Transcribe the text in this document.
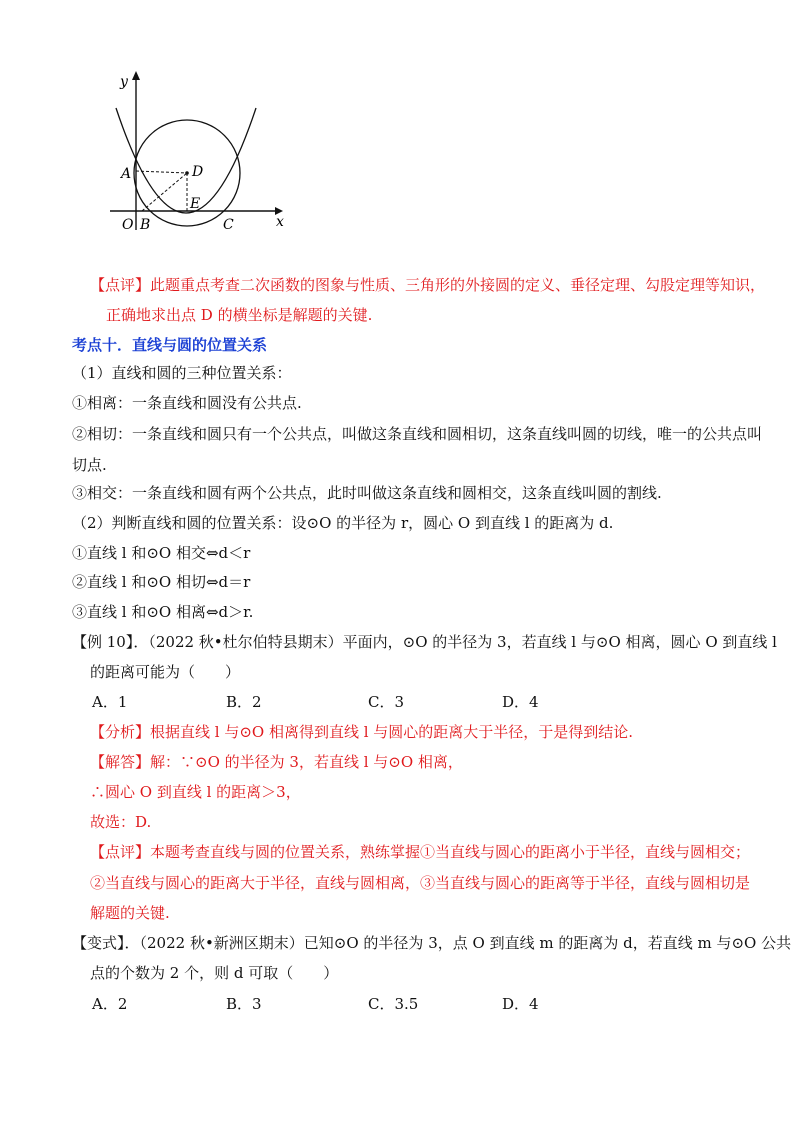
y
x
A	D
E
O B	C
【点评】此题重点考查二次函数的图象与性质、三角形的外接圆的定义、垂径定理、勾股定理等知识，
正确地求出点 D 的横坐标是解题的关键.
考点十．直线与圆的位置关系
（1）直线和圆的三种位置关系：
①相离：一条直线和圆没有公共点.
②相切：一条直线和圆只有一个公共点，叫做这条直线和圆相切，这条直线叫圆的切线，唯一的公共点叫
切点.
③相交：一条直线和圆有两个公共点，此时叫做这条直线和圆相交，这条直线叫圆的割线.
（2）判断直线和圆的位置关系：设⊙O 的半径为 r，圆心 O 到直线 l 的距离为 d.
①直线 l 和⊙O 相交⇔d＜r
②直线 l 和⊙O 相切⇔d＝r
③直线 l 和⊙O 相离⇔d＞r.
【例 10】．（2022 秋•杜尔伯特县期末）平面内，⊙O 的半径为 3，若直线 l 与⊙O 相离，圆心 O 到直线 l
的距离可能为（　　）
A．1	B．2	C．3	D．4
【分析】根据直线 l 与⊙O 相离得到直线 l 与圆心的距离大于半径，于是得到结论.
【解答】解：∵⊙O 的半径为 3，若直线 l 与⊙O 相离，
∴圆心 O 到直线 l 的距离＞3，
故选：D.
【点评】本题考查直线与圆的位置关系，熟练掌握①当直线与圆心的距离小于半径，直线与圆相交；
②当直线与圆心的距离大于半径，直线与圆相离，③当直线与圆心的距离等于半径，直线与圆相切是
解题的关键.
【变式】．（2022 秋•新洲区期末）已知⊙O 的半径为 3，点 O 到直线 m 的距离为 d，若直线 m 与⊙O 公共
点的个数为 2 个，则 d 可取（　　）
A．2	B．3	C．3.5	D．4
